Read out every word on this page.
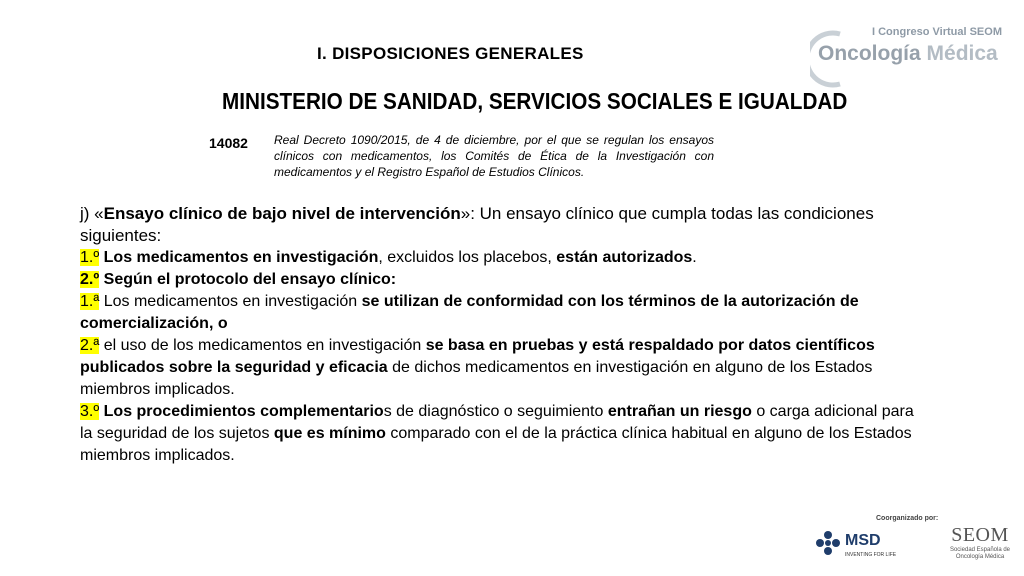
I. DISPOSICIONES GENERALES
MINISTERIO DE SANIDAD, SERVICIOS SOCIALES E IGUALDAD
14082 Real Decreto 1090/2015, de 4 de diciembre, por el que se regulan los ensayos clínicos con medicamentos, los Comités de Ética de la Investigación con medicamentos y el Registro Español de Estudios Clínicos.
I Congreso Virtual SEOM
Oncología Médica

j) «Ensayo clínico de bajo nivel de intervención»: Un ensayo clínico que cumpla todas las condiciones siguientes:

1.º Los medicamentos en investigación, excluidos los placebos, están autorizados.

2.º Según el protocolo del ensayo clínico:

1.ª Los medicamentos en investigación se utilizan de conformidad con los términos de la autorización de comercialización, o

2.ª el uso de los medicamentos en investigación se basa en pruebas y está respaldado por datos científicos publicados sobre la seguridad y eficacia de dichos medicamentos en investigación en alguno de los Estados miembros implicados.

3.º Los procedimientos complementarios de diagnóstico o seguimiento entrañan un riesgo o carga adicional para la seguridad de los sujetos que es mínimo comparado con el de la práctica clínica habitual en alguno de los Estados miembros implicados.

Coorganizado por:
MSD
INVENTING FOR LIFE
SEOM
Sociedad Española de Oncología Médica
